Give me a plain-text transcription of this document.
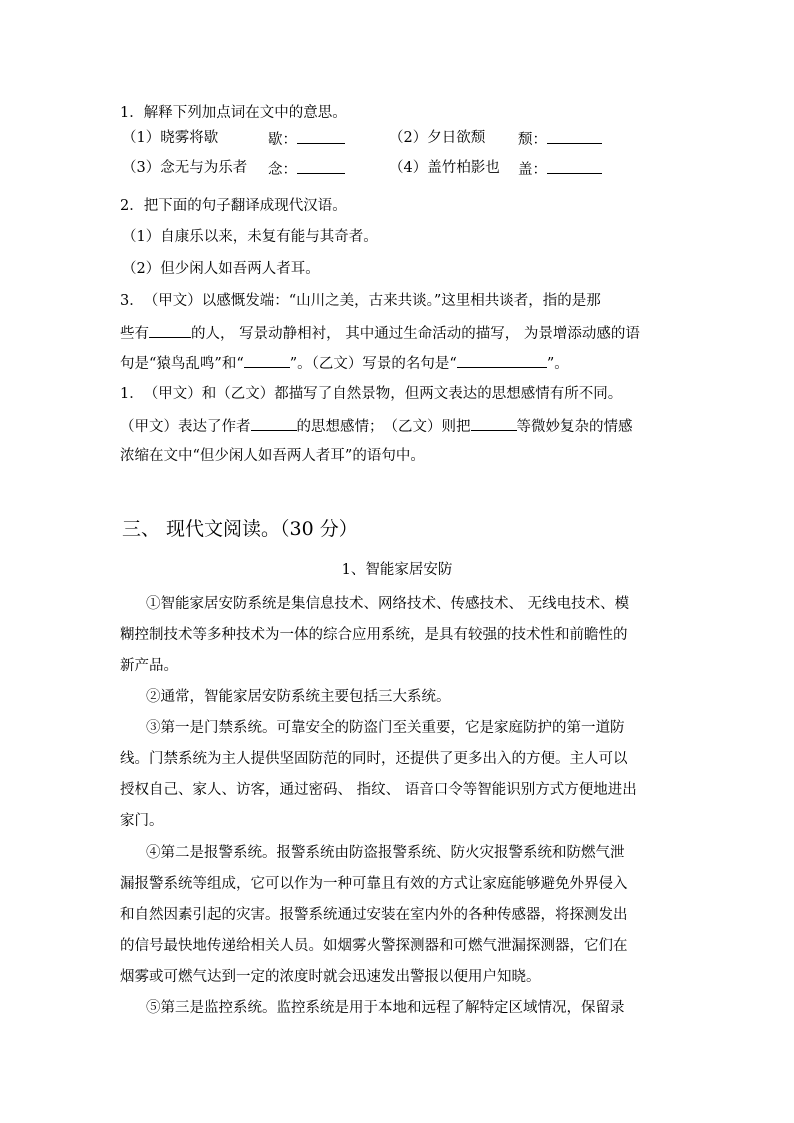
1．解释下列加点词在文中的意思。
（1）晓雾将歇	歇：	（2）夕日欲颓 颓：
（3）念无与为乐者 念：	（4）盖竹柏影也 盖：
2．把下面的句子翻译成现代汉语。
（1）自康乐以来，未复有能与其奇者。
（2）但少闲人如吾两人者耳。
3．　（甲文）以感慨发端：“山川之美，古来共谈。”这里相共谈者，指的是那
些有	的人， 写景动静相衬， 其中通过生命活动的描写， 为景增添动感的语
句是“猿鸟乱鸣”和“	”。（乙文）写景的名句是“	”。
1．　（甲文）和（乙文）都描写了自然景物，但两文表达的思想感情有所不同。
（甲文）表达了作者	的思想感情；　（乙文）则把	等微妙复杂的情感
浓缩在文中“但少闲人如吾两人者耳”的语句中。
三、 现代文阅读。（30 分）
1、智能家居安防
①智能家居安防系统是集信息技术、网络技术、传感技术、 无线电技术、模
糊控制技术等多种技术为一体的综合应用系统，是具有较强的技术性和前瞻性的
新产品。
②通常，智能家居安防系统主要包括三大系统。
③第一是门禁系统。可靠安全的防盗门至关重要，它是家庭防护的第一道防
线。门禁系统为主人提供坚固防范的同时，还提供了更多出入的方便。主人可以
授权自己、家人、访客，通过密码、 指纹、 语音口令等智能识别方式方便地进出
家门。
④第二是报警系统。报警系统由防盗报警系统、防火灾报警系统和防燃气泄
漏报警系统等组成，它可以作为一种可靠且有效的方式让家庭能够避免外界侵入
和自然因素引起的灾害。报警系统通过安装在室内外的各种传感器，将探测发出
的信号最快地传递给相关人员。如烟雾火警探测器和可燃气泄漏探测器，它们在
烟雾或可燃气达到一定的浓度时就会迅速发出警报以便用户知晓。
⑤第三是监控系统。监控系统是用于本地和远程了解特定区域情况，保留录
